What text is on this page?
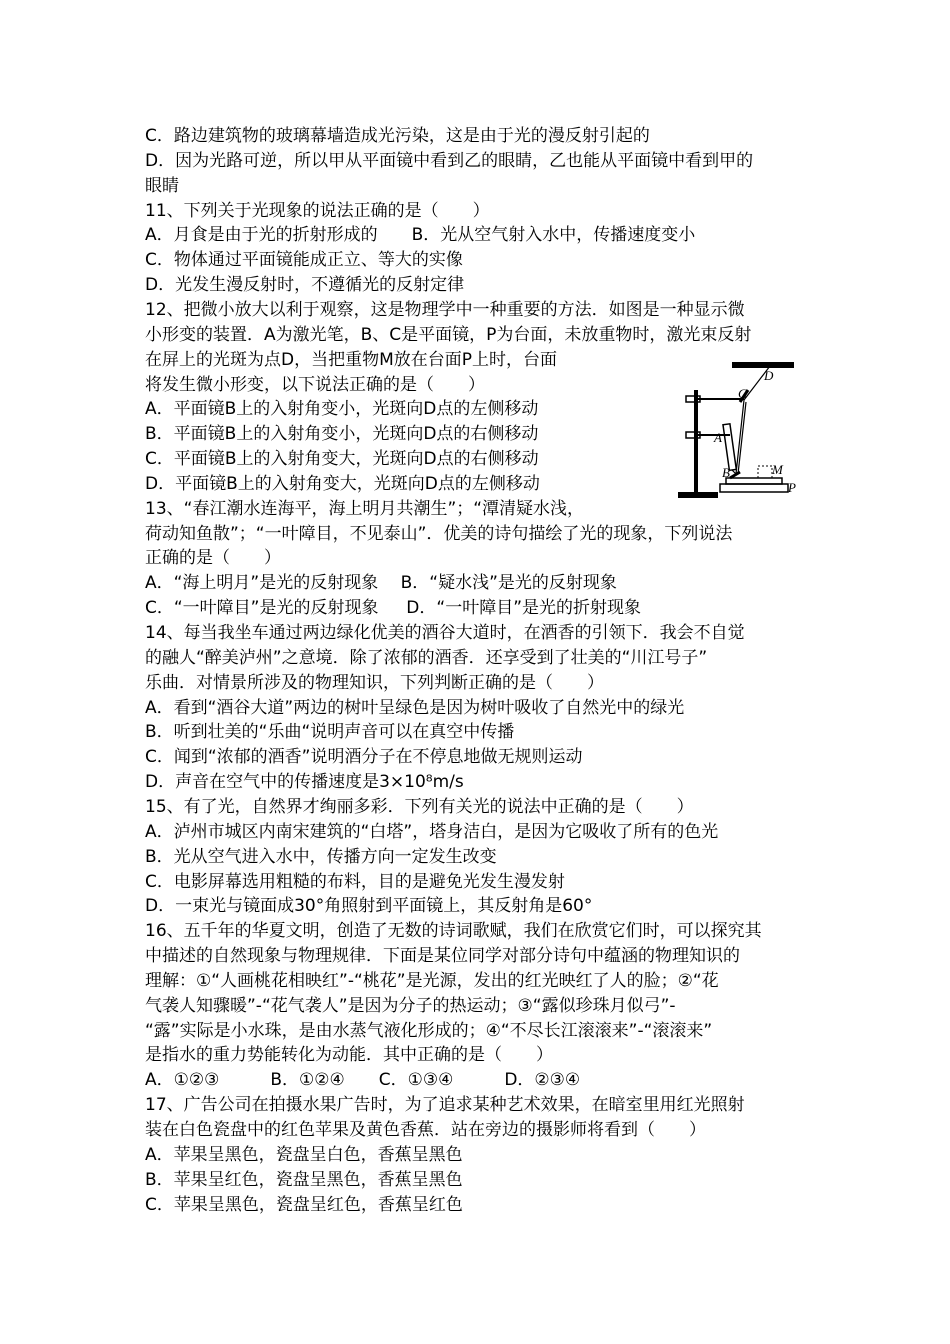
C．路边建筑物的玻璃幕墙造成光污染，这是由于光的漫反射引起的
D．因为光路可逆，所以甲从平面镜中看到乙的眼睛，乙也能从平面镜中看到甲的
眼睛
11、下列关于光现象的说法正确的是（　　）
A．月食是由于光的折射形成的　　B．光从空气射入水中，传播速度变小
C．物体通过平面镜能成正立、等大的实像
D．光发生漫反射时，不遵循光的反射定律
12、把微小放大以利于观察，这是物理学中一种重要的方法．如图是一种显示微
小形变的装置．A为激光笔，B、C是平面镜，P为台面，未放重物时，激光束反射
在屏上的光斑为点D，当把重物M放在台面P上时，台面
将发生微小形变，以下说法正确的是（　　）
A．平面镜B上的入射角变小，光斑向D点的左侧移动
B．平面镜B上的入射角变小，光斑向D点的右侧移动
C．平面镜B上的入射角变大，光斑向D点的右侧移动
D．平面镜B上的入射角变大，光斑向D点的左侧移动
13、“春江潮水连海平，海上明月共潮生”；“潭清疑水浅，
荷动知鱼散”；“一叶障目，不见泰山”．优美的诗句描绘了光的现象，下列说法
正确的是（　　）
A．“海上明月”是光的反射现象　 B．“疑水浅”是光的反射现象
C．“一叶障目”是光的反射现象　  D．“一叶障目”是光的折射现象
14、每当我坐车通过两边绿化优美的酒谷大道时，在酒香的引领下．我会不自觉
的融人“醉美泸州”之意境．除了浓郁的酒香．还享受到了壮美的“川江号子”
乐曲．对情景所涉及的物理知识，下列判断正确的是（　　）
A．看到“酒谷大道”两边的树叶呈绿色是因为树叶吸收了自然光中的绿光
B．听到壮美的“乐曲“说明声音可以在真空中传播
C．闻到“浓郁的酒香”说明酒分子在不停息地做无规则运动
D．声音在空气中的传播速度是3×10⁸m/s
15、有了光，自然界才绚丽多彩．下列有关光的说法中正确的是（　　）
A．泸州市城区内南宋建筑的“白塔”，塔身洁白，是因为它吸收了所有的色光
B．光从空气进入水中，传播方向一定发生改变
C．电影屏幕选用粗糙的布料，目的是避免光发生漫发射
D．一束光与镜面成30°角照射到平面镜上，其反射角是60°
16、五千年的华夏文明，创造了无数的诗词歌赋，我们在欣赏它们时，可以探究其
中描述的自然现象与物理规律．下面是某位同学对部分诗句中蕴涵的物理知识的
理解：①“人画桃花相映红”-“桃花”是光源，发出的红光映红了人的脸；②“花
气袭人知骤暖”-“花气袭人”是因为分子的热运动；③“露似珍珠月似弓”-
“露”实际是小水珠，是由水蒸气液化形成的；④“不尽长江滚滚来”-“滚滚来”
是指水的重力势能转化为动能．其中正确的是（　　）
A．①②③　　　B．①②④　　C．①③④　　　D．②③④
17、广告公司在拍摄水果广告时，为了追求某种艺术效果，在暗室里用红光照射
装在白色瓷盘中的红色苹果及黄色香蕉．站在旁边的摄影师将看到（　　）
A．苹果呈黑色，瓷盘呈白色，香蕉呈黑色
B．苹果呈红色，瓷盘呈黑色，香蕉呈黑色
C．苹果呈黑色，瓷盘呈红色，香蕉呈红色
D
C
A
B	M
P
